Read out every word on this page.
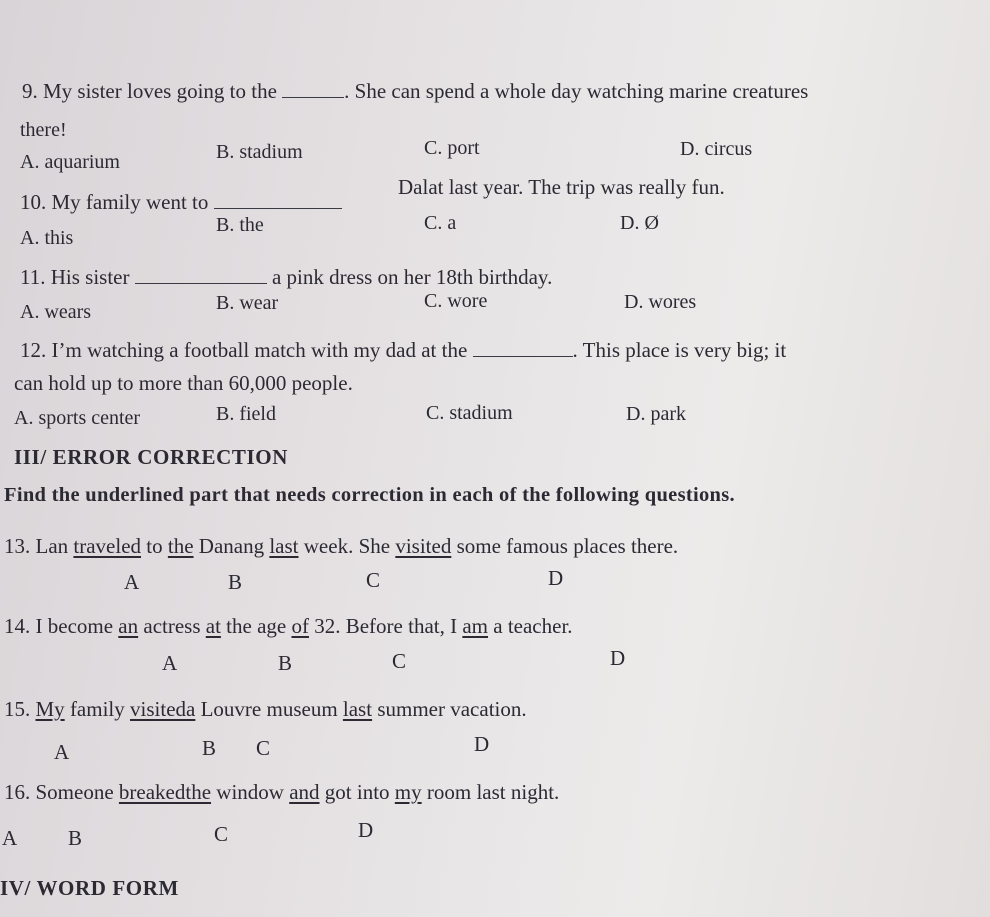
9. My sister loves going to the	. She can spend a whole day watching marine creatures
there!
A. aquarium	B. stadium	C. port	D. circus
10. My family went to
Dalat last year. The trip was really fun.
A. this
B. the	C. a	D. Ø
11. His sister	a pink dress on her 18th birthday.
A. wears	B. wear	C. wore	D. wores
12. I’m watching a football match with my dad at the	. This place is very big; it
can hold up to more than 60,000 people.
A. sports center	B. field	C. stadium	D. park
III/ ERROR CORRECTION
Find the underlined part that needs correction in each of the following questions.
13. Lan traveled to the Danang last week. She visited some famous places there.
A	B	C	D
14. I become an actress at the age of 32. Before that, I am a teacher.
A	B	C	D
15. My family visiteda Louvre museum last summer vacation.
A	B C	D
16. Someone breakedthe window and got into my room last night.
A B	C	D
IV/ WORD FORM
